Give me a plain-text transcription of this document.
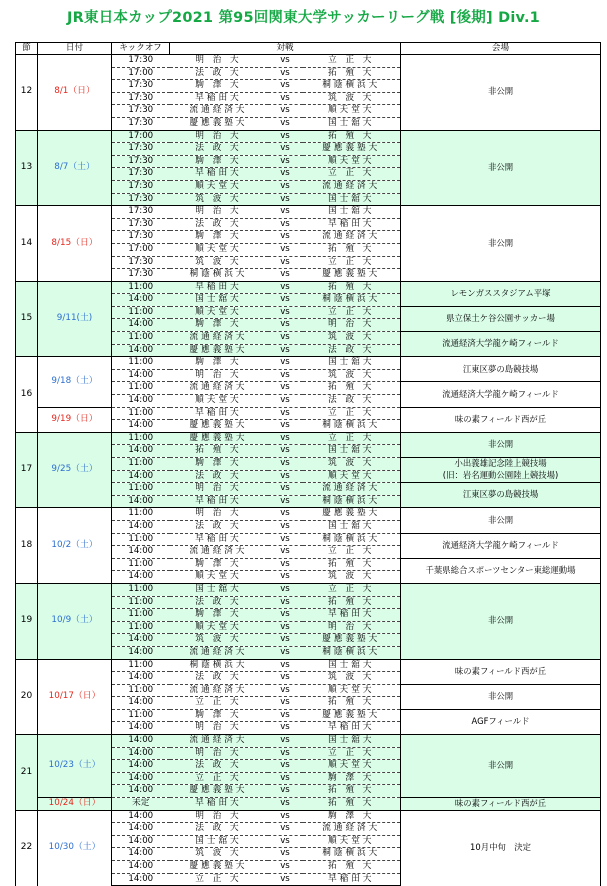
JR東日本カップ2021 第95回関東大学サッカーリーグ戦 [後期] Div.1
節	日付	キックオフ	対戦			会場
12	8/1（日）	17:30	明 治 大	vs	立 正 大	非公開
		17:00	法 政 大	vs	拓 殖 大	
		17:30	駒 澤 大	vs	桐蔭横浜大	
		17:30	早稲田大	vs	筑 波 大	
		17:30	流通経済大	vs	順天堂大	
		17:30	慶應義塾大	vs	国士舘大	
13	8/7（土）	17:00	明 治 大	vs	拓 殖 大	非公開
		17:30	法 政 大	vs	慶應義塾大	
		17:30	駒 澤 大	vs	順天堂大	
		17:30	早稲田大	vs	立 正 大	
		17:30	順天堂大	vs	流通経済大	
		17:30	筑 波 大	vs	国士舘大	
14	8/15（日）	17:30	明 治 大	vs	国士舘大	非公開
		17:30	法 政 大	vs	早稲田大	
		17:30	駒 澤 大	vs	流通経済大	
		17:00	順天堂大	vs	拓 殖 大	
		17:30	筑 波 大	vs	立 正 大	
		17:30	桐蔭横浜大	vs	慶應義塾大	
15	9/11(土)	11:00	早稲田大	vs	拓 殖 大	レモンガススタジアム平塚
		14:00	国士舘大	vs	桐蔭横浜大	
		11:00	順天堂大	vs	立 正 大	県立保土ケ谷公園サッカー場
		14:00	駒 澤 大	vs	明 治 大	
		11:00	流通経済大	vs	筑 波 大	流通経済大学龍ケ崎フィールド
		14:00	慶應義塾大	vs	法 政 大	
16	9/18（土）	11:00	駒 澤 大	vs	国士舘大	江東区夢の島競技場
		14:00	明 治 大	vs	筑 波 大	
		11:00	流通経済大	vs	拓 殖 大	流通経済大学龍ケ崎フィールド
		14:00	順天堂大	vs	法 政 大	
	9/19（日）	11:00	早稲田大	vs	立 正 大	味の素フィールド西が丘
		14:00	慶應義塾大	vs	桐蔭横浜大	
17	9/25（土）	11:00	慶應義塾大	vs	立 正 大	非公開
		14:00	拓 殖 大	vs	国士舘大	
		11:00	駒 澤 大	vs	筑 波 大	小出義雄記念陸上競技場
		14:00	法 政 大	vs	順天堂大	(旧：岩名運動公園陸上競技場)
		11:00	明 治 大	vs	流通経済大	江東区夢の島競技場
		14:00	早稲田大	vs	桐蔭横浜大	
18	10/2（土）	11:00	明 治 大	vs	慶應義塾大	非公開
		14:00	法 政 大	vs	国士舘大	
		11:00	早稲田大	vs	桐蔭横浜大	流通経済大学龍ケ崎フィールド
		14:00	流通経済大	vs	立 正 大	
		11:00	駒 澤 大	vs	拓 殖 大	千葉県総合スポーツセンター東総運動場
		14:00	順天堂大	vs	筑 波 大	
19	10/9（土）	11:00	国士舘大	vs	立 正 大	非公開
		11:00	法 政 大	vs	拓 殖 大	
		11:00	駒 澤 大	vs	早稲田大	
		11:00	順天堂大	vs	明 治 大	
		14:00	筑 波 大	vs	慶應義塾大	
		14:00	流通経済大	vs	桐蔭横浜大	
20	10/17（日）	11:00	桐蔭横浜大	vs	国士舘大	味の素フィールド西が丘
		14:00	法 政 大	vs	筑 波 大	
		11:00	流通経済大	vs	順天堂大	非公開
		14:00	立 正 大	vs	拓 殖 大	
		11:00	駒 澤 大	vs	慶應義塾大	AGFフィールド
		14:00	明 治 大	vs	早稲田大	
21	10/23（土）	14:00	流通経済大	vs	国士舘大	非公開
		14:00	明 治 大	vs	立 正 大	
		14:00	法 政 大	vs	順天堂大	
		14:00	立 正 大	vs	駒 澤 大	
		14:00	慶應義塾大	vs	拓 殖 大	
	10/24（日）	未定	早稲田大	vs	拓 殖 大	味の素フィールド西が丘
22	10/30（土）	14:00	明 治 大	vs	駒 澤 大	10月中旬　決定
		14:00	法 政 大	vs	流通経済大	
		14:00	国士舘大	vs	順天堂大	
		14:00	筑 波 大	vs	桐蔭横浜大	
		14:00	慶應義塾大	vs	拓 殖 大	
		14:00	立 正 大	vs	早稲田大	
